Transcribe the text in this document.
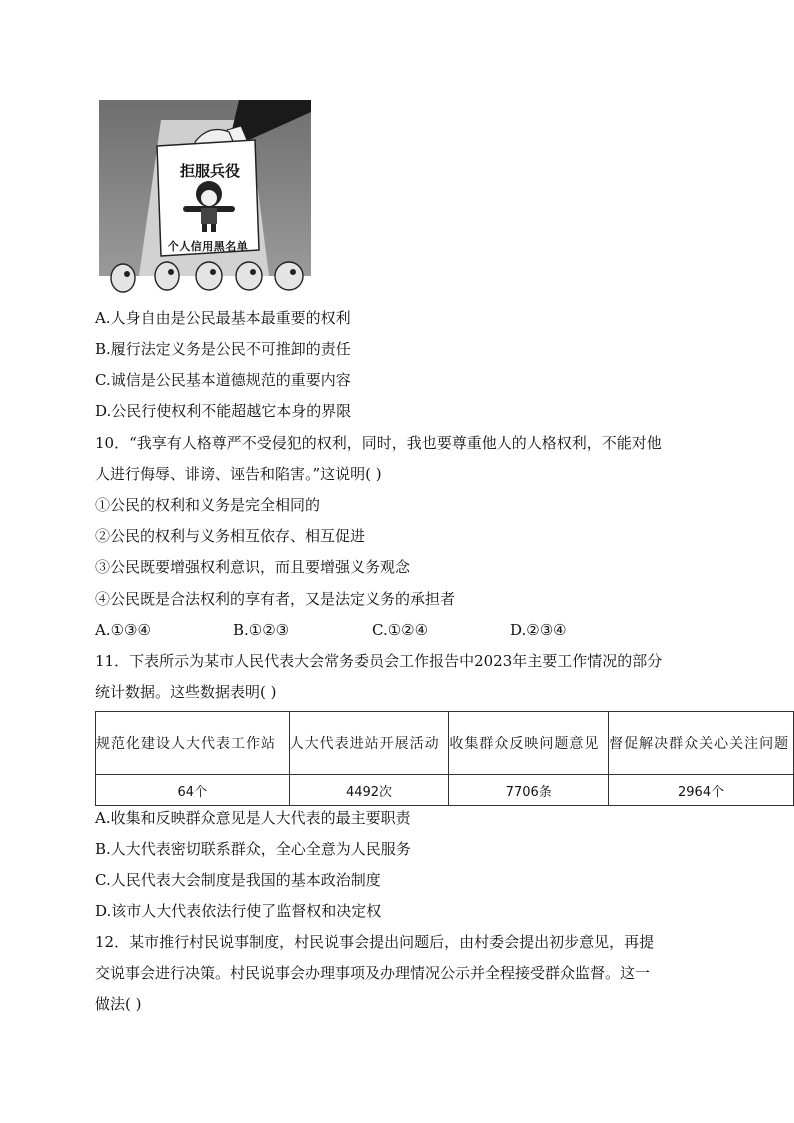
拒服兵役
个人信用黑名单
A.人身自由是公民最基本最重要的权利
B.履行法定义务是公民不可推卸的责任
C.诚信是公民基本道德规范的重要内容
D.公民行使权利不能超越它本身的界限
10．“我享有人格尊严不受侵犯的权利，同时，我也要尊重他人的人格权利，不能对他
人进行侮辱、诽谤、诬告和陷害。”这说明( )
①公民的权利和义务是完全相同的
②公民的权利与义务相互依存、相互促进
③公民既要增强权利意识，而且要增强义务观念
④公民既是合法权利的享有者，又是法定义务的承担者
A.①③④	B.①②③	C.①②④	D.②③④
11．下表所示为某市人民代表大会常务委员会工作报告中2023年主要工作情况的部分
统计数据。这些数据表明( )
规范化建设人大代表工作站	人大代表进站开展活动	收集群众反映问题意见	督促解决群众关心关注问题
64个	4492次	7706条	2964个
A.收集和反映群众意见是人大代表的最主要职责
B.人大代表密切联系群众，全心全意为人民服务
C.人民代表大会制度是我国的基本政治制度
D.该市人大代表依法行使了监督权和决定权
12．某市推行村民说事制度，村民说事会提出问题后，由村委会提出初步意见，再提
交说事会进行决策。村民说事会办理事项及办理情况公示并全程接受群众监督。这一
做法( )
